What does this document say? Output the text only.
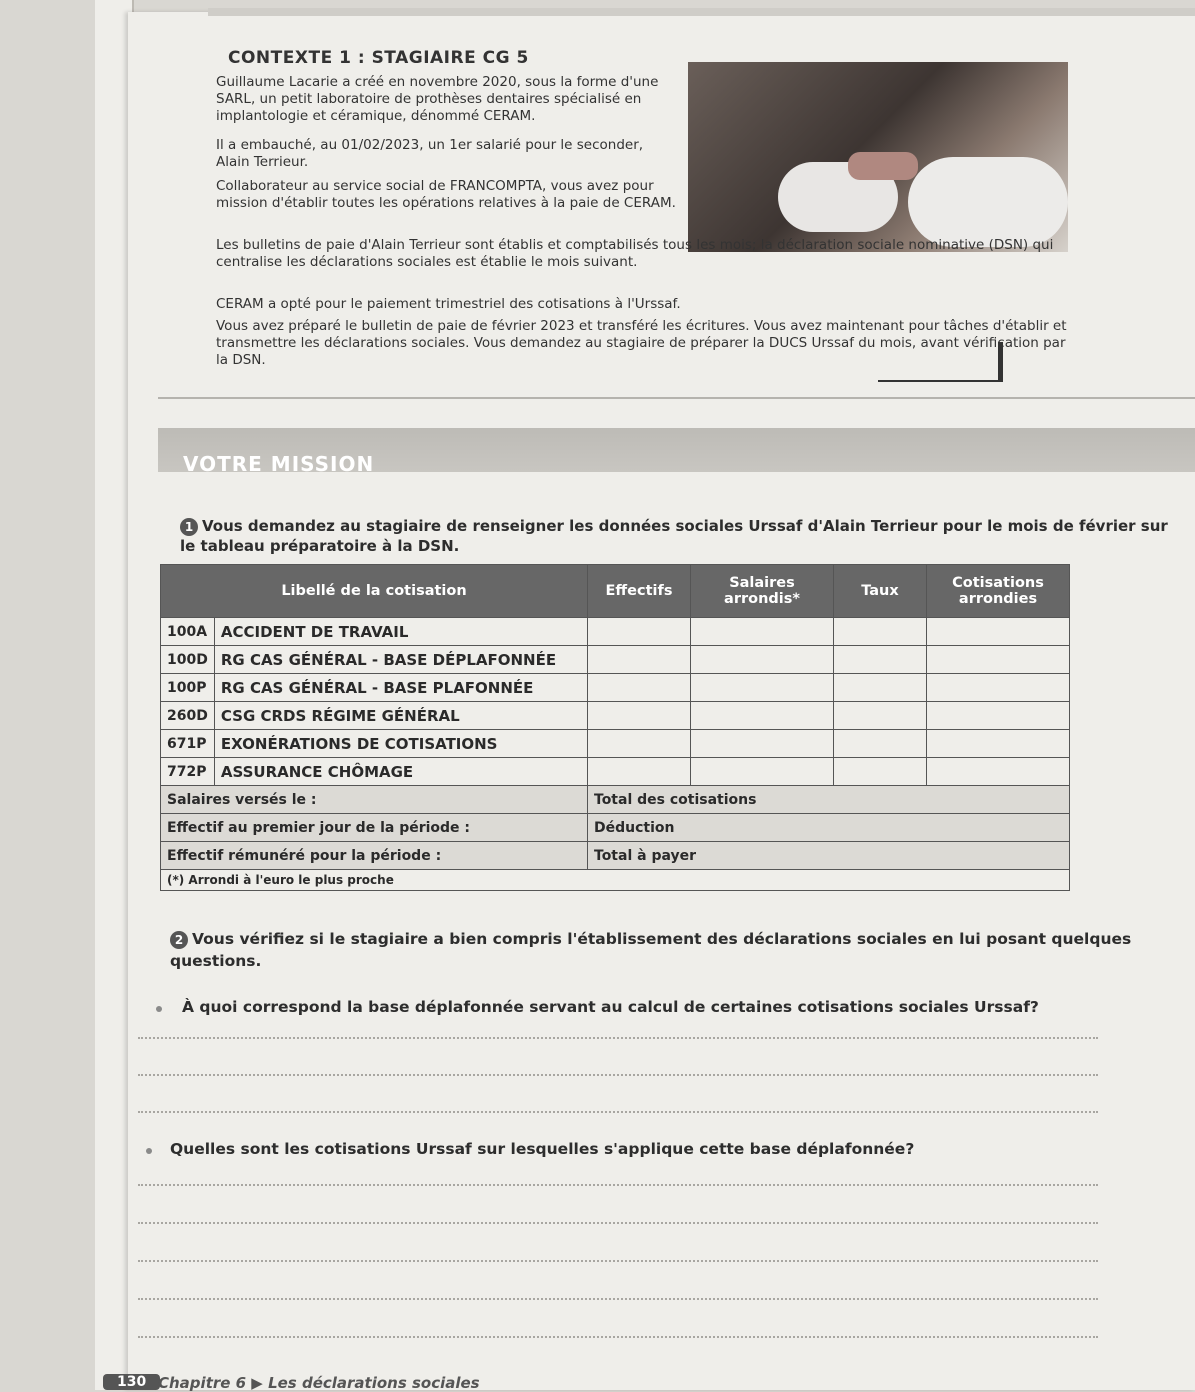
CONTEXTE 1 : STAGIAIRE CG 5
Guillaume Lacarie a créé en novembre 2020, sous la forme d'une SARL, un petit laboratoire de prothèses dentaires spécialisé en implantologie et céramique, dénommé CERAM.
Il a embauché, au 01/02/2023, un 1er salarié pour le seconder, Alain Terrieur.
Collaborateur au service social de FRANCOMPTA, vous avez pour mission d'établir toutes les opérations relatives à la paie de CERAM.
Les bulletins de paie d'Alain Terrieur sont établis et comptabilisés tous les mois; la déclaration sociale nominative (DSN) qui centralise les déclarations sociales est établie le mois suivant.
CERAM a opté pour le paiement trimestriel des cotisations à l'Urssaf.
Vous avez préparé le bulletin de paie de février 2023 et transféré les écritures. Vous avez maintenant pour tâches d'établir et transmettre les déclarations sociales. Vous demandez au stagiaire de préparer la DUCS Urssaf du mois, avant vérification par la DSN.
VOTRE MISSION
1 Vous demandez au stagiaire de renseigner les données sociales Urssaf d'Alain Terrieur pour le mois de février sur le tableau préparatoire à la DSN.
Libellé de la cotisation		Effectifs	Salaires arrondis*	Taux	Cotisations arrondies
100A	ACCIDENT DE TRAVAIL				
100D	RG CAS GÉNÉRAL - BASE DÉPLAFONNÉE				
100P	RG CAS GÉNÉRAL - BASE PLAFONNÉE				
260D	CSG CRDS RÉGIME GÉNÉRAL				
671P	EXONÉRATIONS DE COTISATIONS				
772P	ASSURANCE CHÔMAGE				
Salaires versés le :		Total des cotisations			
Effectif au premier jour de la période :		Déduction			
Effectif rémunéré pour la période :		Total à payer			
(*) Arrondi à l'euro le plus proche					
2 Vous vérifiez si le stagiaire a bien compris l'établissement des déclarations sociales en lui posant quelques questions.
À quoi correspond la base déplafonnée servant au calcul de certaines cotisations sociales Urssaf?
Quelles sont les cotisations Urssaf sur lesquelles s'applique cette base déplafonnée?
130 Chapitre 6 ▶ Les déclarations sociales
